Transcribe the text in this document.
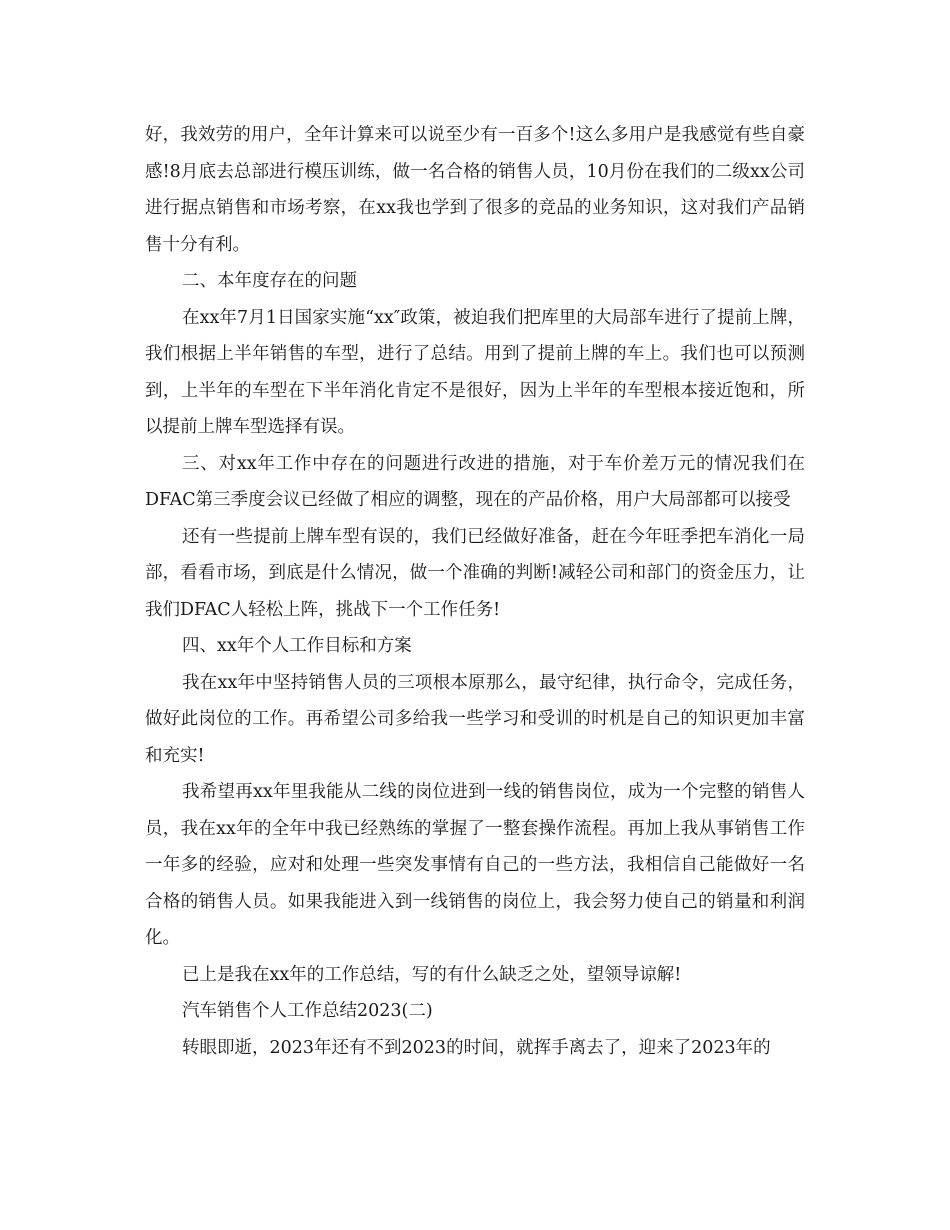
好，我效劳的用户，全年计算来可以说至少有一百多个!这么多用户是我感觉有些自豪感!8月底去总部进行模压训练，做一名合格的销售人员，10月份在我们的二级xx公司进行据点销售和市场考察，在xx我也学到了很多的竞品的业务知识，这对我们产品销售十分有利。

二、本年度存在的问题

在xx年7月1日国家实施“xx″政策，被迫我们把库里的大局部车进行了提前上牌，我们根据上半年销售的车型，进行了总结。用到了提前上牌的车上。我们也可以预测到，上半年的车型在下半年消化肯定不是很好，因为上半年的车型根本接近饱和，所以提前上牌车型选择有误。

三、对xx年工作中存在的问题进行改进的措施，对于车价差万元的情况我们在DFAC第三季度会议已经做了相应的调整，现在的产品价格，用户大局部都可以接受

还有一些提前上牌车型有误的，我们已经做好准备，赶在今年旺季把车消化一局部，看看市场，到底是什么情况，做一个准确的判断!减轻公司和部门的资金压力，让我们DFAC人轻松上阵，挑战下一个工作任务!

四、xx年个人工作目标和方案

我在xx年中坚持销售人员的三项根本原那么，最守纪律，执行命令，完成任务，做好此岗位的工作。再希望公司多给我一些学习和受训的时机是自己的知识更加丰富和充实!

我希望再xx年里我能从二线的岗位进到一线的销售岗位，成为一个完整的销售人员，我在xx年的全年中我已经熟练的掌握了一整套操作流程。再加上我从事销售工作一年多的经验，应对和处理一些突发事情有自己的一些方法，我相信自己能做好一名合格的销售人员。如果我能进入到一线销售的岗位上，我会努力使自己的销量和利润化。

已上是我在xx年的工作总结，写的有什么缺乏之处，望领导谅解!

汽车销售个人工作总结2023(二)

转眼即逝，2023年还有不到2023的时间，就挥手离去了，迎来了2023年的
